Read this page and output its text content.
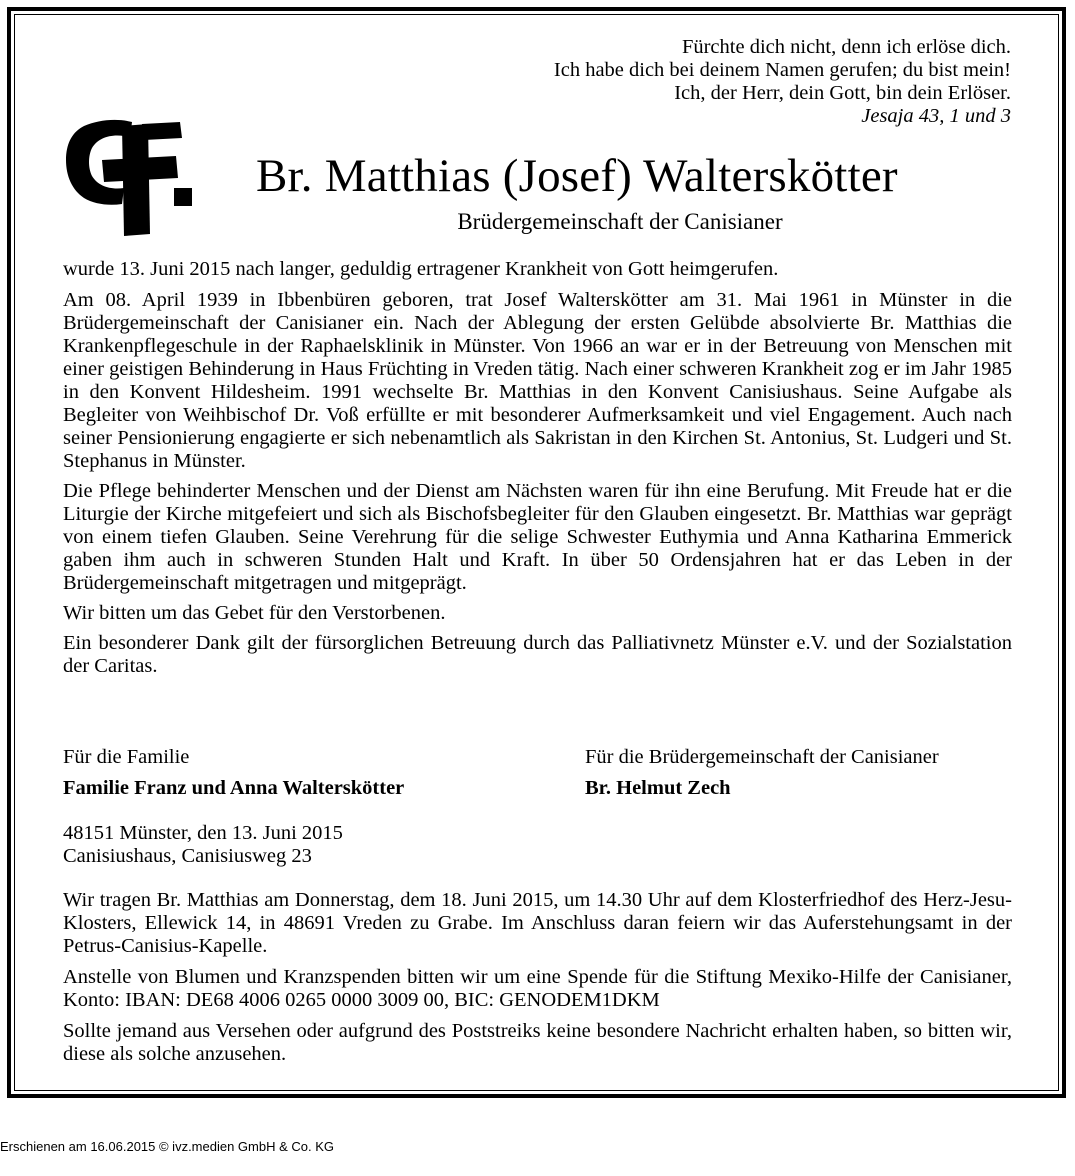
Fürchte dich nicht, denn ich erlöse dich.
Ich habe dich bei deinem Namen gerufen; du bist mein!
Ich, der Herr, dein Gott, bin dein Erlöser.
Jesaja 43, 1 und 3
Br. Matthias (Josef) Walterskötter
Brüdergemeinschaft der Canisianer

wurde 13. Juni 2015 nach langer, geduldig ertragener Krankheit von Gott heimgerufen.

Am 08. April 1939 in Ibbenbüren geboren, trat Josef Walterskötter am 31. Mai 1961 in Münster in die Brüdergemeinschaft der Canisianer ein. Nach der Ablegung der ersten Gelübde absolvierte Br. Matthias die Krankenpflegeschule in der Raphaelsklinik in Münster. Von 1966 an war er in der Betreuung von Menschen mit einer geistigen Behinderung in Haus Früchting in Vreden tätig. Nach einer schweren Krankheit zog er im Jahr 1985 in den Konvent Hildesheim. 1991 wechselte Br. Matthias in den Konvent Canisiushaus. Seine Aufgabe als Begleiter von Weihbischof Dr. Voß erfüllte er mit besonderer Aufmerksamkeit und viel Engagement. Auch nach seiner Pensionierung engagierte er sich nebenamtlich als Sakristan in den Kirchen St. Antonius, St. Ludgeri und St. Stephanus in Münster.

Die Pflege behinderter Menschen und der Dienst am Nächsten waren für ihn eine Berufung. Mit Freude hat er die Liturgie der Kirche mitgefeiert und sich als Bischofsbegleiter für den Glauben eingesetzt. Br. Matthias war geprägt von einem tiefen Glauben. Seine Verehrung für die selige Schwester Euthymia und Anna Katharina Emmerick gaben ihm auch in schweren Stunden Halt und Kraft. In über 50 Ordensjahren hat er das Leben in der Brüdergemeinschaft mitgetragen und mitgeprägt.

Wir bitten um das Gebet für den Verstorbenen.

Ein besonderer Dank gilt der fürsorglichen Betreuung durch das Palliativnetz Münster e.V. und der Sozialstation der Caritas.

Für die Familie
Familie Franz und Anna Walterskötter
Für die Brüdergemeinschaft der Canisianer
Br. Helmut Zech
48151 Münster, den 13. Juni 2015
Canisiushaus, Canisiusweg 23

Wir tragen Br. Matthias am Donnerstag, dem 18. Juni 2015, um 14.30 Uhr auf dem Klosterfriedhof des Herz-Jesu-Klosters, Ellewick 14, in 48691 Vreden zu Grabe. Im Anschluss daran feiern wir das Auferstehungsamt in der Petrus-Canisius-Kapelle.

Anstelle von Blumen und Kranzspenden bitten wir um eine Spende für die Stiftung Mexiko-Hilfe der Canisianer, Konto: IBAN: DE68 4006 0265 0000 3009 00, BIC: GENODEM1DKM

Sollte jemand aus Versehen oder aufgrund des Poststreiks keine besondere Nachricht erhalten haben, so bitten wir, diese als solche anzusehen.

Erschienen am 16.06.2015 © ivz.medien GmbH & Co. KG
